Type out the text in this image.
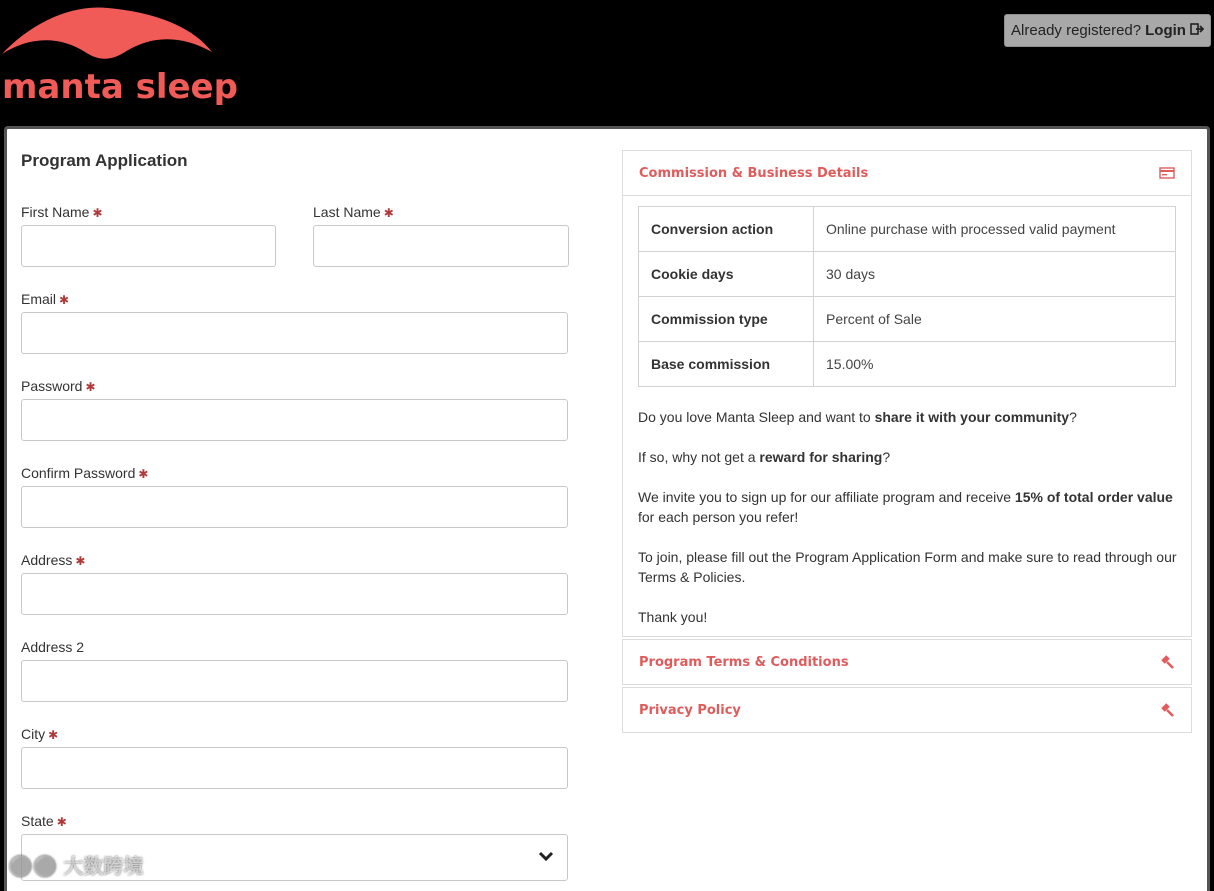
manta sleep
Already registered? Login
Program Application
First Name ✱	Last Name ✱
Email ✱
Password ✱
Confirm Password ✱
Address ✱
Address 2
City ✱
State ✱
Commission & Business Details
Conversion action	Online purchase with processed valid payment
Cookie days	30 days
Commission type	Percent of Sale
Base commission	15.00%

Do you love Manta Sleep and want to share it with your community?

If so, why not get a reward for sharing?

We invite you to sign up for our affiliate program and receive 15% of total order value for each person you refer!

To join, please fill out the Program Application Form and make sure to read through our Terms & Policies.

Thank you!

Program Terms & Conditions
Privacy Policy
⚪⚪ 大数跨境
